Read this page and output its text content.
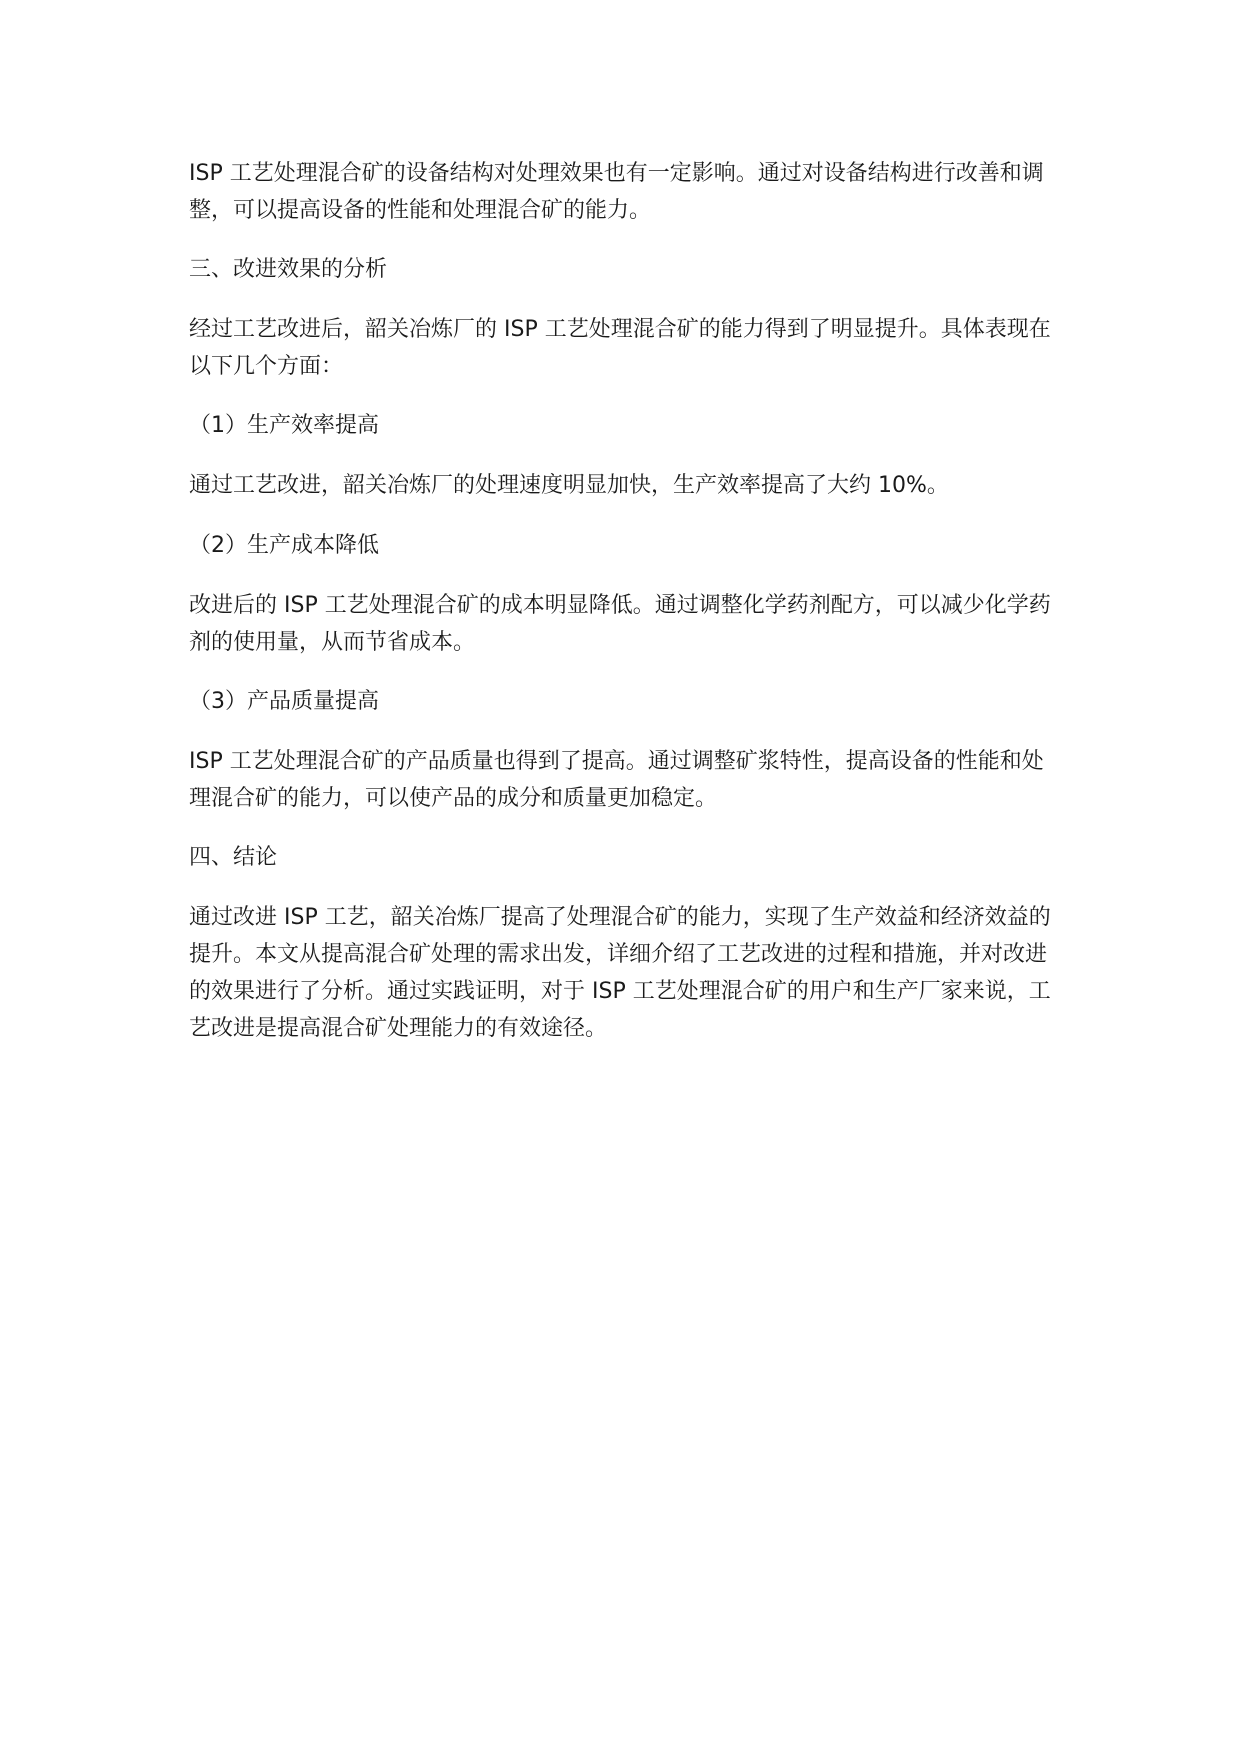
ISP 工艺处理混合矿的设备结构对处理效果也有一定影响。通过对设备结构进行改善和调整，可以提高设备的性能和处理混合矿的能力。

三、改进效果的分析

经过工艺改进后，韶关冶炼厂的 ISP 工艺处理混合矿的能力得到了明显提升。具体表现在以下几个方面：

（1）生产效率提高

通过工艺改进，韶关冶炼厂的处理速度明显加快，生产效率提高了大约 10%。

（2）生产成本降低

改进后的 ISP 工艺处理混合矿的成本明显降低。通过调整化学药剂配方，可以减少化学药剂的使用量，从而节省成本。

（3）产品质量提高

ISP 工艺处理混合矿的产品质量也得到了提高。通过调整矿浆特性，提高设备的性能和处理混合矿的能力，可以使产品的成分和质量更加稳定。

四、结论

通过改进 ISP 工艺，韶关冶炼厂提高了处理混合矿的能力，实现了生产效益和经济效益的提升。本文从提高混合矿处理的需求出发，详细介绍了工艺改进的过程和措施，并对改进的效果进行了分析。通过实践证明，对于 ISP 工艺处理混合矿的用户和生产厂家来说，工艺改进是提高混合矿处理能力的有效途径。
